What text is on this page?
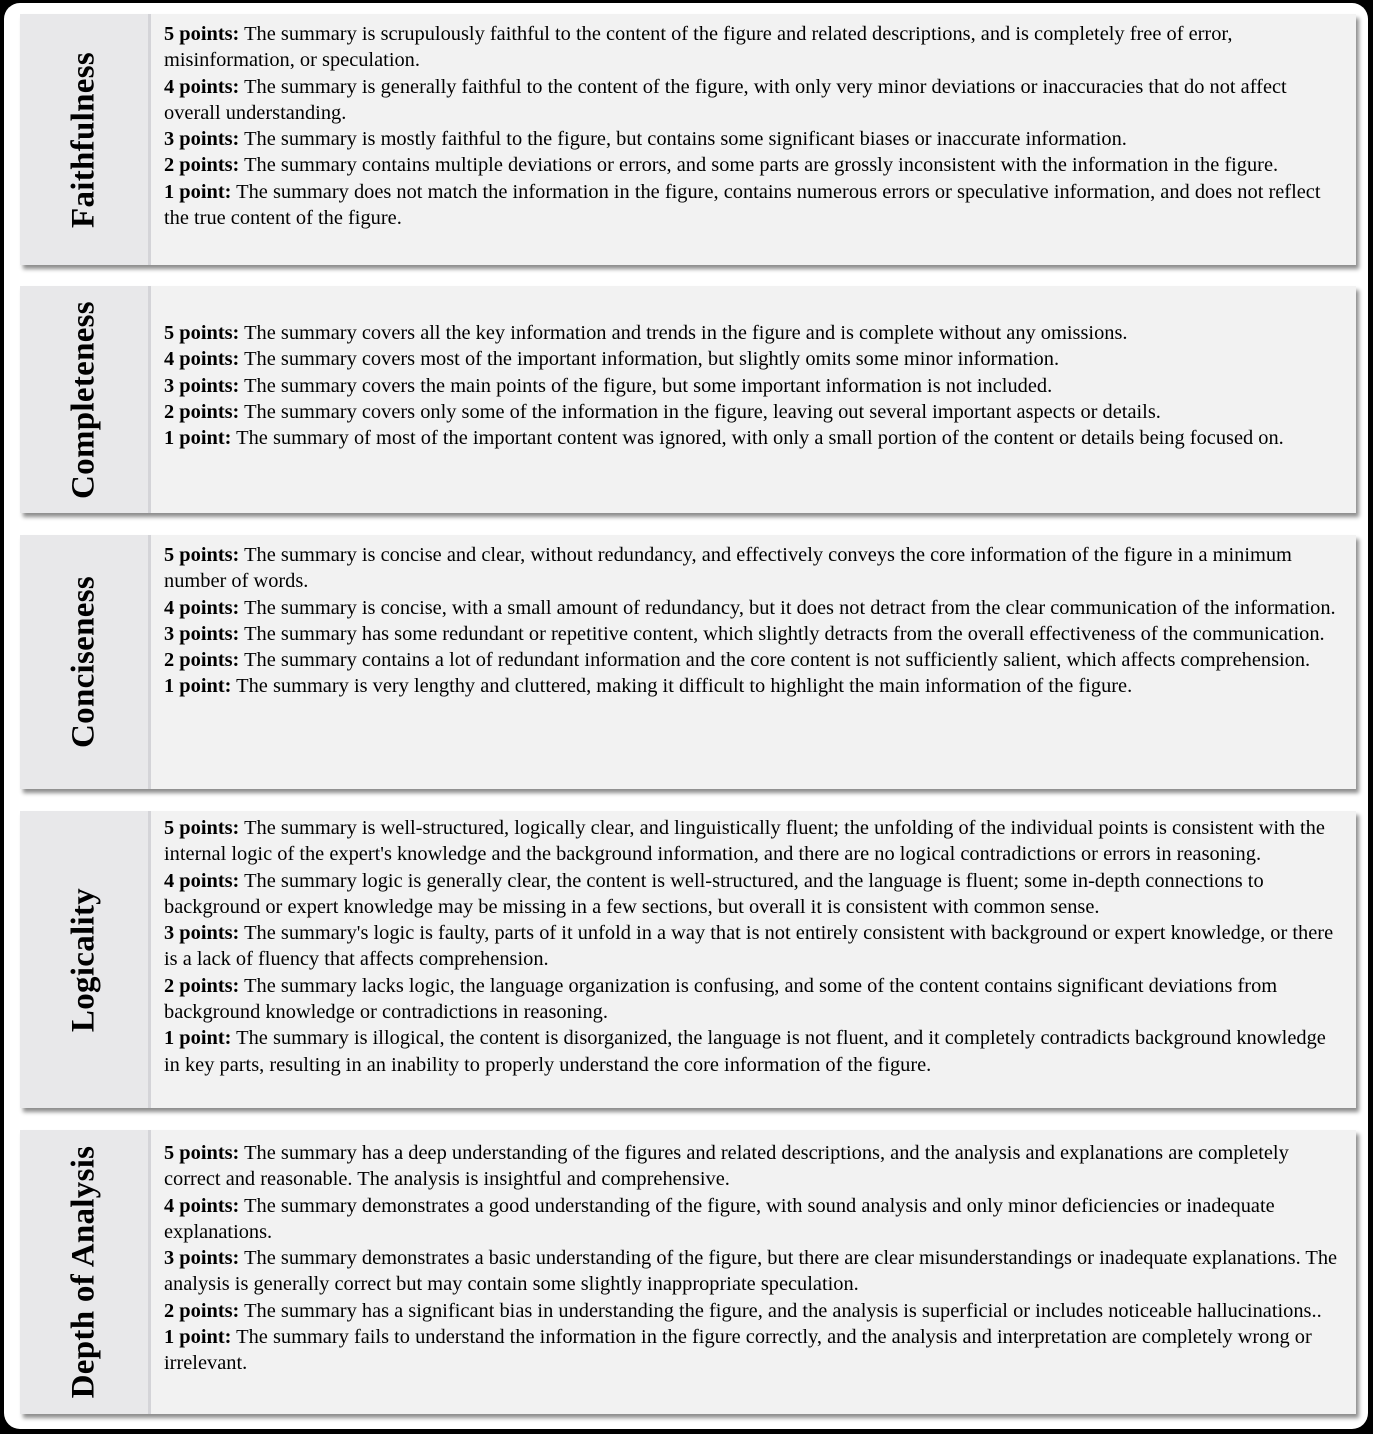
Faithfulness

5 points: The summary is scrupulously faithful to the content of the figure and related descriptions, and is completely free of error, misinformation, or speculation.

4 points: The summary is generally faithful to the content of the figure, with only very minor deviations or inaccuracies that do not affect overall understanding.

3 points: The summary is mostly faithful to the figure, but contains some significant biases or inaccurate information.

2 points: The summary contains multiple deviations or errors, and some parts are grossly inconsistent with the information in the figure.

1 point: The summary does not match the information in the figure, contains numerous errors or speculative information, and does not reflect the true content of the figure.

Completeness	5 points: The summary covers all the key information and trends in the figure and is complete without any omissions.

4 points: The summary covers most of the important information, but slightly omits some minor information.

3 points: The summary covers the main points of the figure, but some important information is not included.

2 points: The summary covers only some of the information in the figure, leaving out several important aspects or details.

1 point: The summary of most of the important content was ignored, with only a small portion of the content or details being focused on.

Conciseness

5 points: The summary is concise and clear, without redundancy, and effectively conveys the core information of the figure in a minimum number of words.

4 points: The summary is concise, with a small amount of redundancy, but it does not detract from the clear communication of the information.

3 points: The summary has some redundant or repetitive content, which slightly detracts from the overall effectiveness of the communication.

2 points: The summary contains a lot of redundant information and the core content is not sufficiently salient, which affects comprehension.

1 point: The summary is very lengthy and cluttered, making it difficult to highlight the main information of the figure.

Logicality

5 points: The summary is well-structured, logically clear, and linguistically fluent; the unfolding of the individual points is consistent with the internal logic of the expert's knowledge and the background information, and there are no logical contradictions or errors in reasoning.

4 points: The summary logic is generally clear, the content is well-structured, and the language is fluent; some in-depth connections to background or expert knowledge may be missing in a few sections, but overall it is consistent with common sense.

3 points: The summary's logic is faulty, parts of it unfold in a way that is not entirely consistent with background or expert knowledge, or there is a lack of fluency that affects comprehension.

2 points: The summary lacks logic, the language organization is confusing, and some of the content contains significant deviations from background knowledge or contradictions in reasoning.

1 point: The summary is illogical, the content is disorganized, the language is not fluent, and it completely contradicts background knowledge in key parts, resulting in an inability to properly understand the core information of the figure.

Depth of Analysis	5 points: The summary has a deep understanding of the figures and related descriptions, and the analysis and explanations are completely correct and reasonable. The analysis is insightful and comprehensive.

4 points: The summary demonstrates a good understanding of the figure, with sound analysis and only minor deficiencies or inadequate explanations.

3 points: The summary demonstrates a basic understanding of the figure, but there are clear misunderstandings or inadequate explanations. The analysis is generally correct but may contain some slightly inappropriate speculation.

2 points: The summary has a significant bias in understanding the figure, and the analysis is superficial or includes noticeable hallucinations..

1 point: The summary fails to understand the information in the figure correctly, and the analysis and interpretation are completely wrong or irrelevant.
